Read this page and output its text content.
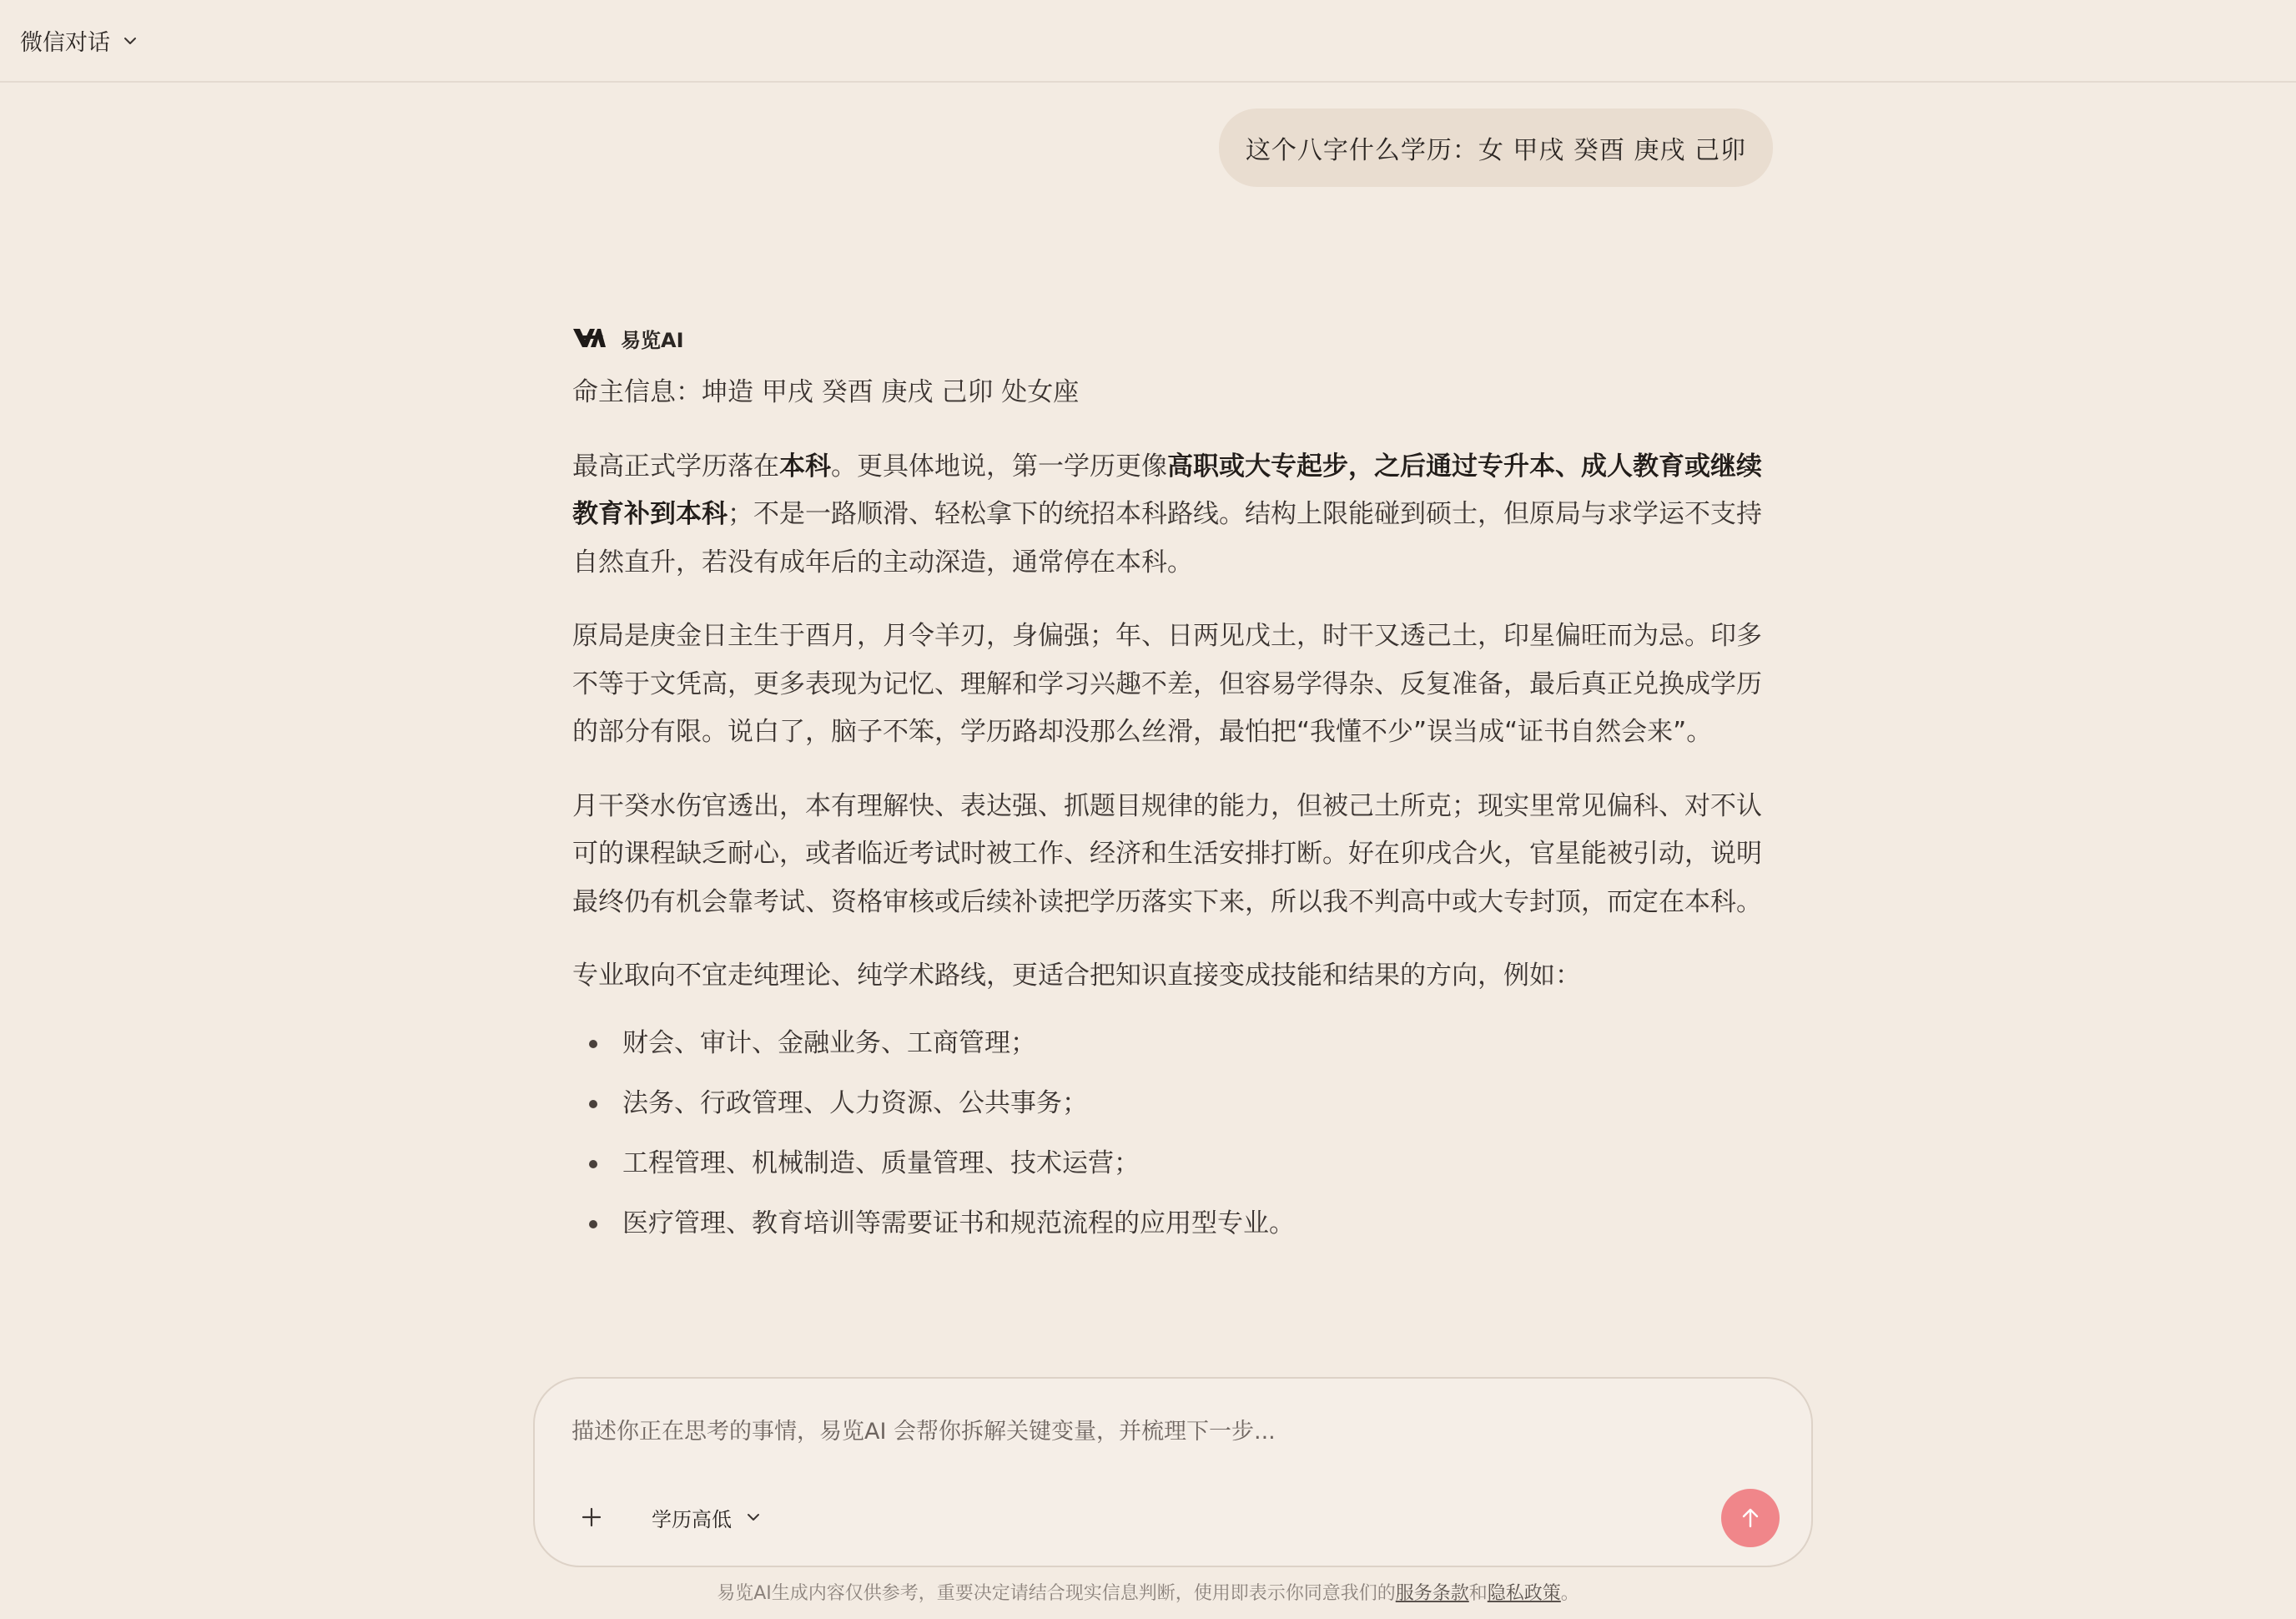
微信对话
这个八字什么学历：女 甲戌 癸酉 庚戌 己卯
易览AI

命主信息：坤造 甲戌 癸酉 庚戌 己卯 处女座

最高正式学历落在本科。更具体地说，第一学历更像高职或大专起步，之后通过专升本、成人教育或继续教育补到本科；不是一路顺滑、轻松拿下的统招本科路线。结构上限能碰到硕士，但原局与求学运不支持自然直升，若没有成年后的主动深造，通常停在本科。

原局是庚金日主生于酉月，月令羊刃，身偏强；年、日两见戊土，时干又透己土，印星偏旺而为忌。印多不等于文凭高，更多表现为记忆、理解和学习兴趣不差，但容易学得杂、反复准备，最后真正兑换成学历的部分有限。说白了，脑子不笨，学历路却没那么丝滑，最怕把“我懂不少”误当成“证书自然会来”。

月干癸水伤官透出，本有理解快、表达强、抓题目规律的能力，但被己土所克；现实里常见偏科、对不认可的课程缺乏耐心，或者临近考试时被工作、经济和生活安排打断。好在卯戌合火，官星能被引动，说明最终仍有机会靠考试、资格审核或后续补读把学历落实下来，所以我不判高中或大专封顶，而定在本科。

专业取向不宜走纯理论、纯学术路线，更适合把知识直接变成技能和结果的方向，例如：

财会、审计、金融业务、工商管理；
法务、行政管理、人力资源、公共事务；
工程管理、机械制造、质量管理、技术运营；
医疗管理、教育培训等需要证书和规范流程的应用型专业。
描述你正在思考的事情，易览AI 会帮你拆解关键变量，并梳理下一步...
学历高低
易览AI生成内容仅供参考，重要决定请结合现实信息判断，使用即表示你同意我们的服务条款和隐私政策。
